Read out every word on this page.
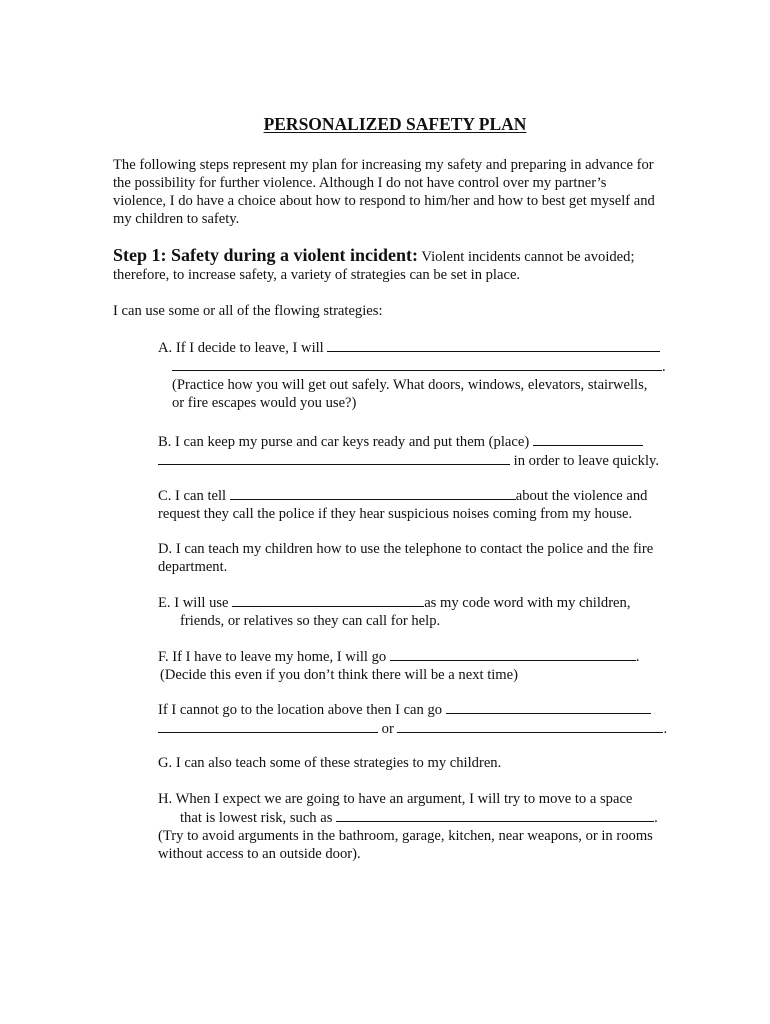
PERSONALIZED SAFETY PLAN
The following steps represent my plan for increasing my safety and preparing in advance for
the possibility for further violence. Although I do not have control over my partner’s
violence, I do have a choice about how to respond to him/her and how to best get myself and
my children to safety.
Step 1: Safety during a violent incident: Violent incidents cannot be avoided;
therefore, to increase safety, a variety of strategies can be set in place.
I can use some or all of the flowing strategies:
A. If I decide to leave, I will
.
(Practice how you will get out safely. What doors, windows, elevators, stairwells,
or fire escapes would you use?)
B. I can keep my purse and car keys ready and put them (place)
in order to leave quickly.
C. I can tell	about the violence and
request they call the police if they hear suspicious noises coming from my house.
D. I can teach my children how to use the telephone to contact the police and the fire
department.
E. I will use	as my code word with my children,
friends, or relatives so they can call for help.
F. If I have to leave my home, I will go	.
(Decide this even if you don’t think there will be a next time)
If I cannot go to the location above then I can go
or	.
G. I can also teach some of these strategies to my children.
H. When I expect we are going to have an argument, I will try to move to a space
that is lowest risk, such as	.
(Try to avoid arguments in the bathroom, garage, kitchen, near weapons, or in rooms
without access to an outside door).
